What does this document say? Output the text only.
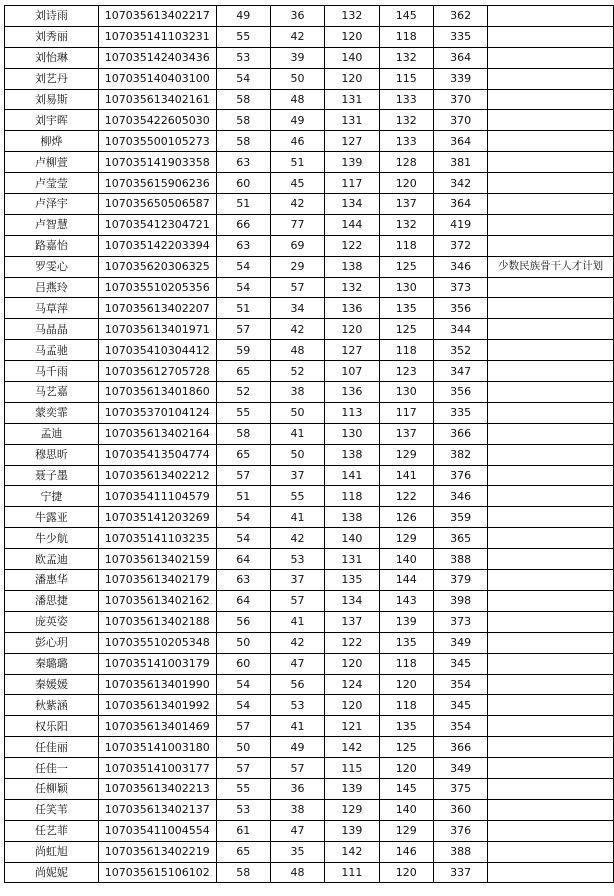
刘诗雨	107035613402217	49	36	132	145	362	
刘秀丽	107035141103231	55	42	120	118	335	
刘怡琳	107035142403436	53	39	140	132	364	
刘艺丹	107035140403100	54	50	120	115	339	
刘易斯	107035613402161	58	48	131	133	370	
刘宇晖	107035422605030	58	49	131	132	370	
柳烨	107035500105273	58	46	127	133	364	
卢柳萱	107035141903358	63	51	139	128	381	
卢莹莹	107035615906236	60	45	117	120	342	
卢泽宇	107035650506587	51	42	134	137	364	
卢智慧	107035412304721	66	77	144	132	419	
路嘉怡	107035142203394	63	69	122	118	372	
罗雯心	107035620306325	54	29	138	125	346	少数民族骨干人才计划
吕燕玲	107035510205356	54	57	132	130	373	
马草萍	107035613402207	51	34	136	135	356	
马晶晶	107035613401971	57	42	120	125	344	
马孟驰	107035410304412	59	48	127	118	352	
马千雨	107035612705728	65	52	107	123	347	
马艺嘉	107035613401860	52	38	136	130	356	
蒙奕霏	107035370104124	55	50	113	117	335	
孟迪	107035613402164	58	41	130	137	366	
穆思昕	107035413504774	65	50	138	129	382	
聂子墨	107035613402212	57	37	141	141	376	
宁捷	107035411104579	51	55	118	122	346	
牛露亚	107035141203269	54	41	138	126	359	
牛少航	107035141103235	54	42	140	129	365	
欧孟迪	107035613402159	64	53	131	140	388	
潘惠华	107035613402179	63	37	135	144	379	
潘思捷	107035613402162	64	57	134	143	398	
庞英姿	107035613402188	56	41	137	139	373	
彭心玥	107035510205348	50	42	122	135	349	
秦璐璐	107035141003179	60	47	120	118	345	
秦媛媛	107035613401990	54	56	124	120	354	
秋紫涵	107035613401992	54	53	120	118	345	
权乐阳	107035613401469	57	41	121	135	354	
任佳丽	107035141003180	50	49	142	125	366	
任佳一	107035141003177	57	57	115	120	349	
任柳颖	107035613402213	55	36	139	145	375	
任笑苇	107035613402137	53	38	129	140	360	
任艺菲	107035411004554	61	47	139	129	376	
尚虹旭	107035613402219	65	35	142	146	388	
尚妮妮	107035615106102	58	48	111	120	337	
